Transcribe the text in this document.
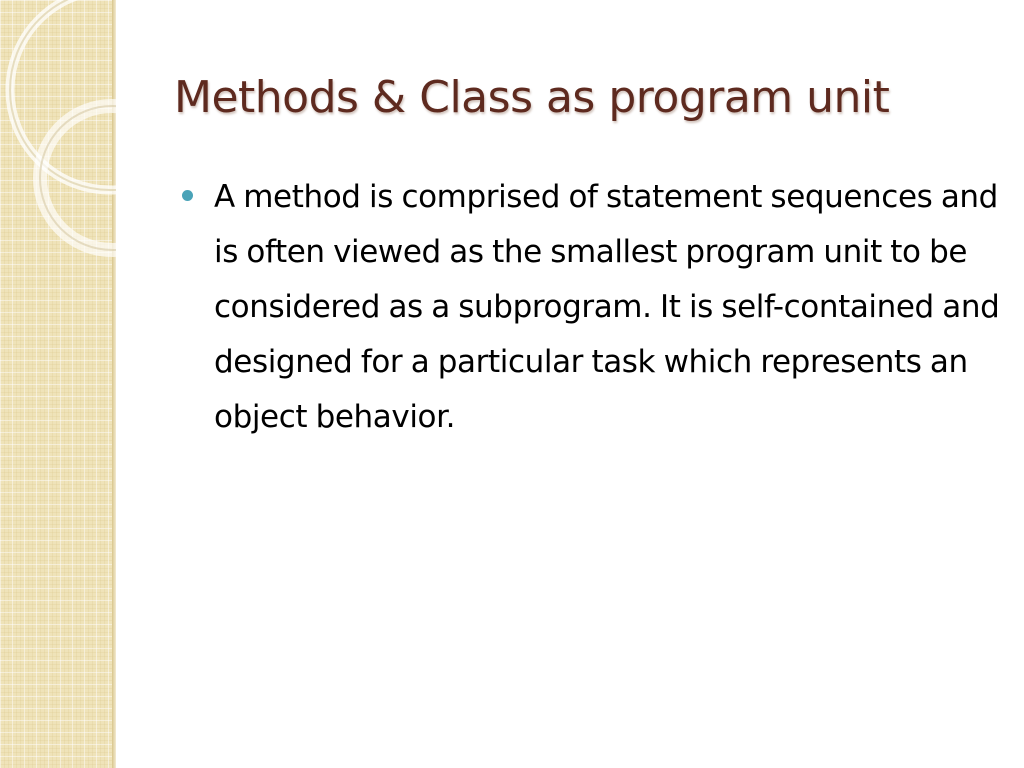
Methods & Class as program unit
A method is comprised of statement sequences and is often viewed as the smallest program unit to be considered as a subprogram. It is self-contained and designed for a particular task which represents an object behavior.
